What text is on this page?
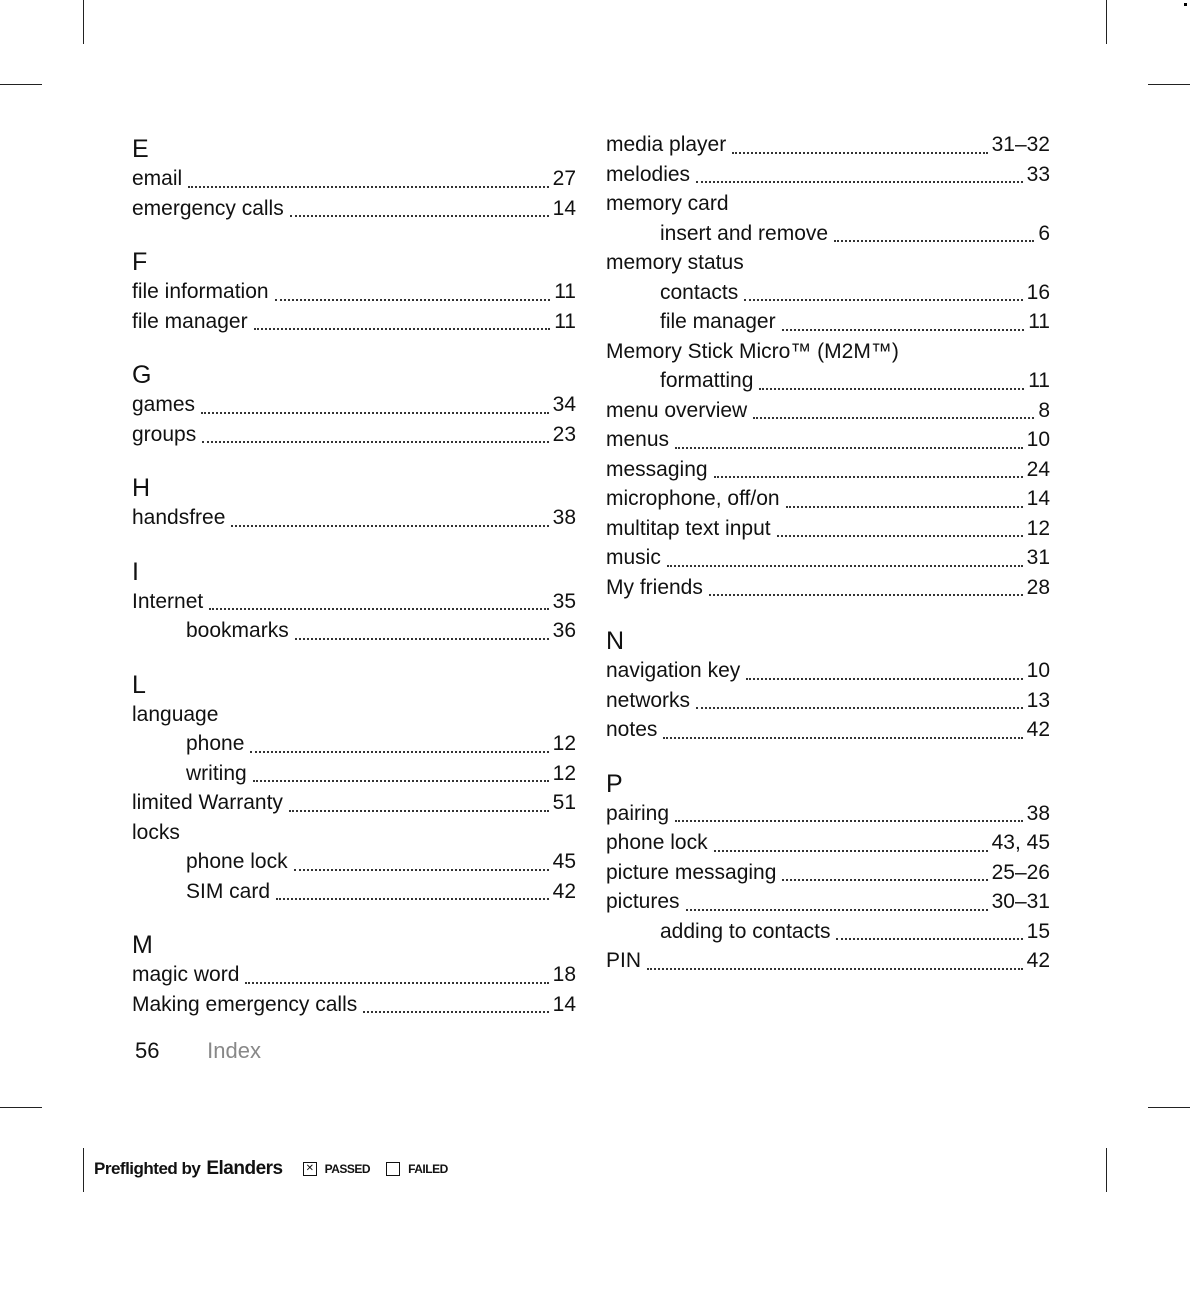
E
email	27
emergency calls	14
F
file information	11
file manager	11
G
games	34
groups	23
H
handsfree	38
I
Internet	35
bookmarks	36
L
language
phone	12
writing	12
limited Warranty	51
locks
phone lock	45
SIM card	42
M
magic word	18
Making emergency calls	14
media player	31–32
melodies	33
memory card
insert and remove	6
memory status
contacts	16
file manager	11
Memory Stick Micro™ (M2M™)
formatting	11
menu overview	8
menus	10
messaging	24
microphone, off/on	14
multitap text input	12
music	31
My friends	28
N
navigation key	10
networks	13
notes	42
P
pairing	38
phone lock	43, 45
picture messaging	25–26
pictures	30–31
adding to contacts	15
PIN	42
56 Index
Preflighted by Elanders	✕ PASSED	FAILED
